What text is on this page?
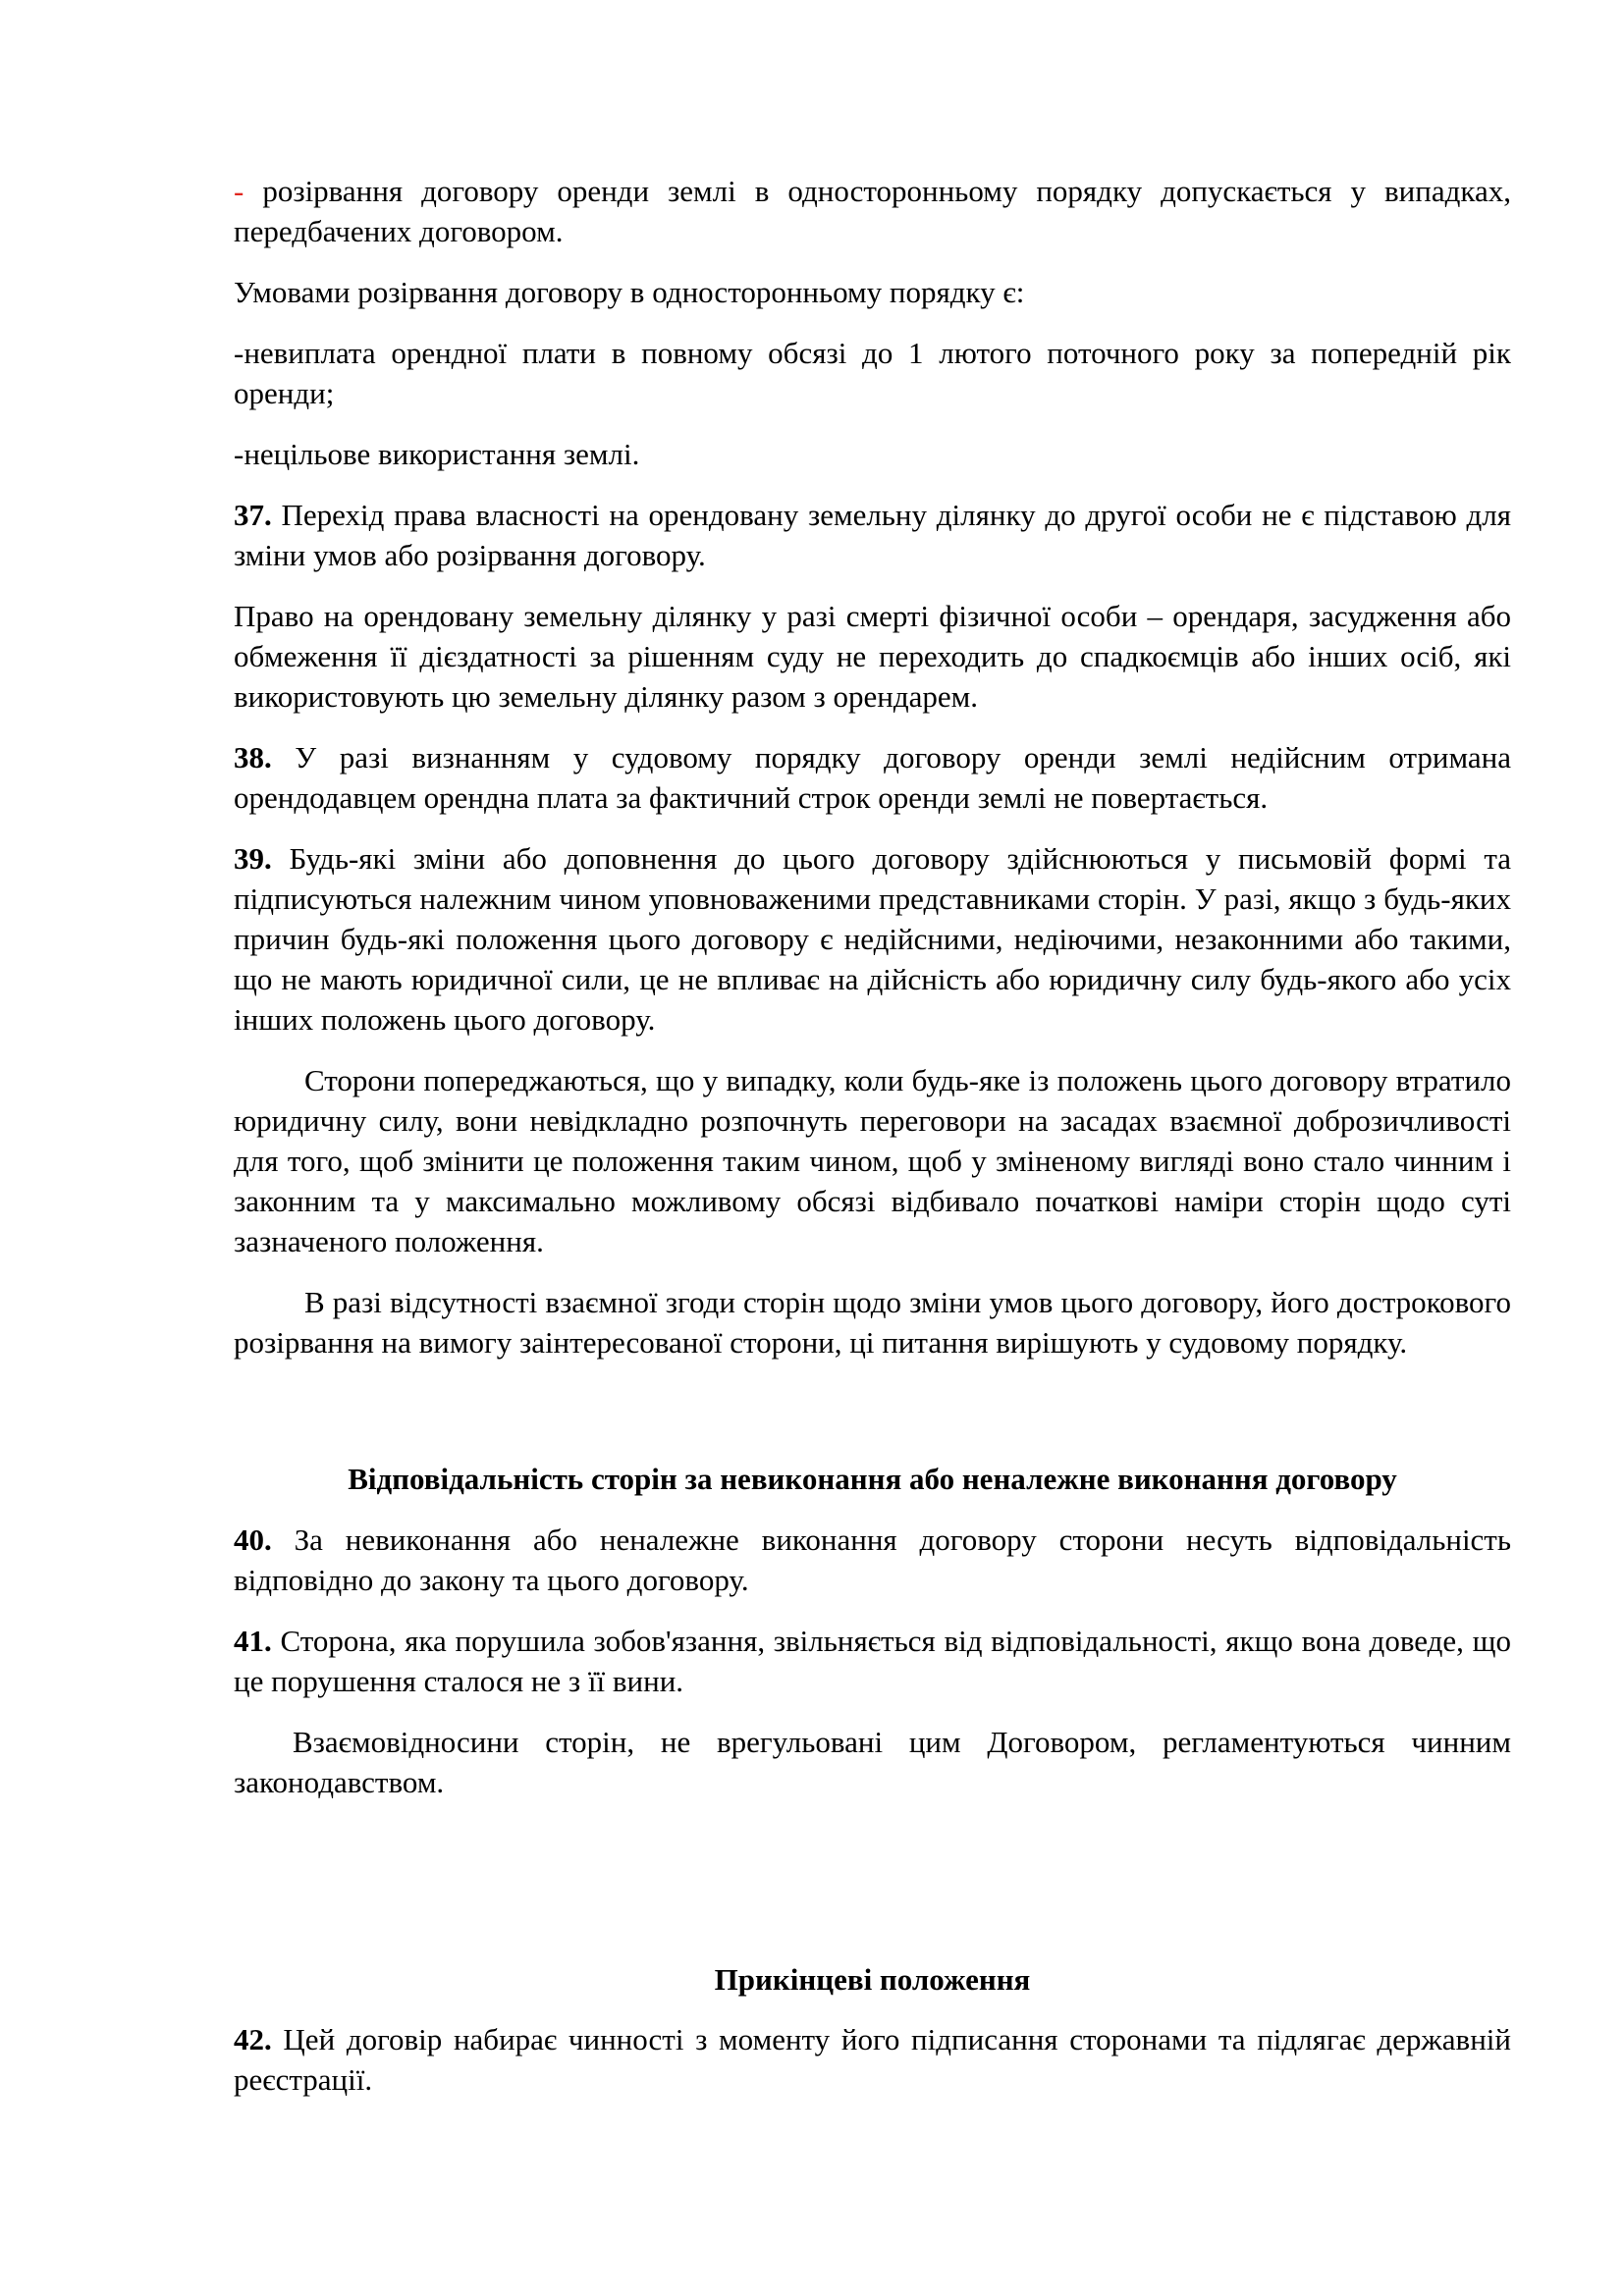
- розірвання договору оренди землі в односторонньому порядку допускається у випадках, передбачених договором.

Умовами розірвання договору в односторонньому порядку є:

-невиплата орендної плати в повному обсязі до 1 лютого поточного року за попередній рік оренди;

-нецільове використання землі.

37. Перехід права власності на орендовану земельну ділянку до другої особи не є підставою для зміни умов або розірвання договору.

Право на орендовану земельну ділянку у разі смерті фізичної особи – орендаря, засудження або обмеження її дієздатності за рішенням суду не переходить до спадкоємців або інших осіб, які використовують цю земельну ділянку разом з орендарем.

38. У разі визнанням у судовому порядку договору оренди землі недійсним отримана орендодавцем орендна плата за фактичний строк оренди землі не повертається.

39. Будь-які зміни або доповнення до цього договору здійснюються у письмовій формі та підписуються належним чином уповноваженими представниками сторін. У разі, якщо з будь-яких причин будь-які положення цього договору є недійсними, недіючими, незаконними або такими, що не мають юридичної сили, це не впливає на дійсність або юридичну силу будь-якого або усіх інших положень цього договору.

Сторони попереджаються, що у випадку, коли будь-яке із положень цього договору втратило юридичну силу, вони невідкладно розпочнуть переговори на засадах взаємної доброзичливості для того, щоб змінити це положення таким чином, щоб у зміненому вигляді воно стало чинним і законним та у максимально можливому обсязі відбивало початкові наміри сторін щодо суті зазначеного положення.

В разі відсутності взаємної згоди сторін щодо зміни умов цього договору, його дострокового розірвання на вимогу заінтересованої сторони, ці питання вирішують у судовому порядку.

Відповідальність сторін за невиконання або неналежне виконання договору

40. За невиконання або неналежне виконання договору сторони несуть відповідальність відповідно до закону та цього договору.

41. Сторона, яка порушила зобов'язання, звільняється від відповідальності, якщо вона доведе, що це порушення сталося не з її вини.

Взаємовідносини сторін, не врегульовані цим Договором, регламентуються чинним законодавством.

Прикінцеві положення

42. Цей договір набирає чинності з моменту його підписання сторонами та підлягає державній реєстрації.
